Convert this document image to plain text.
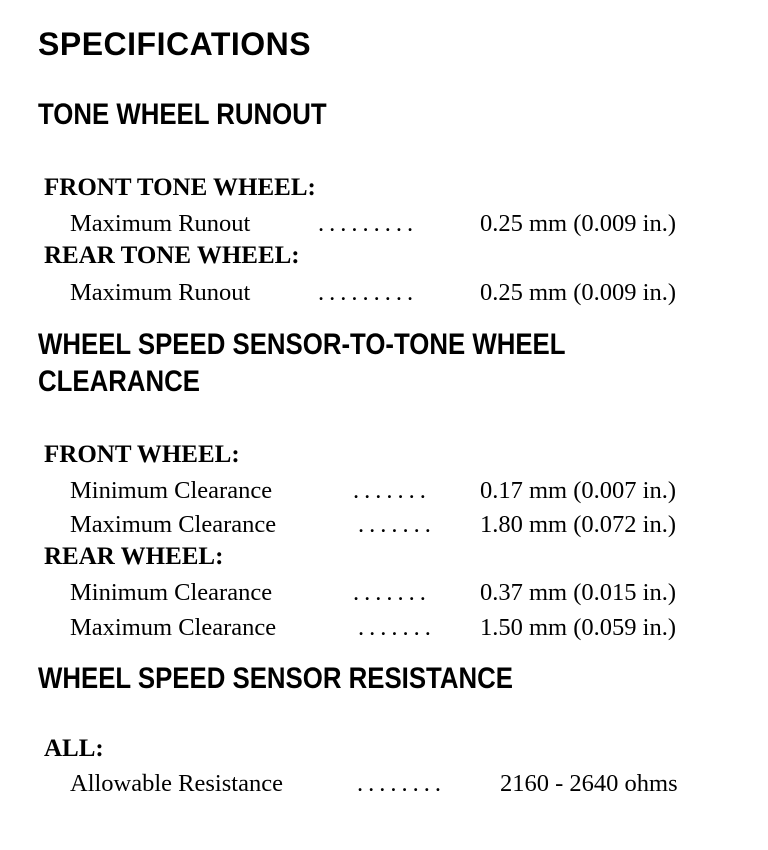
SPECIFICATIONS
TONE WHEEL RUNOUT
FRONT TONE WHEEL:
Maximum Runout	.........	0.25 mm (0.009 in.)
REAR TONE WHEEL:
Maximum Runout	.........	0.25 mm (0.009 in.)
WHEEL SPEED SENSOR-TO-TONE WHEEL
CLEARANCE
FRONT WHEEL:
Minimum Clearance	....... 0.17 mm (0.007 in.)
Maximum Clearance	....... 1.80 mm (0.072 in.)
REAR WHEEL:
Minimum Clearance	....... 0.37 mm (0.015 in.)
Maximum Clearance	....... 1.50 mm (0.059 in.)
WHEEL SPEED SENSOR RESISTANCE
ALL:
Allowable Resistance	........ 2160 - 2640 ohms
